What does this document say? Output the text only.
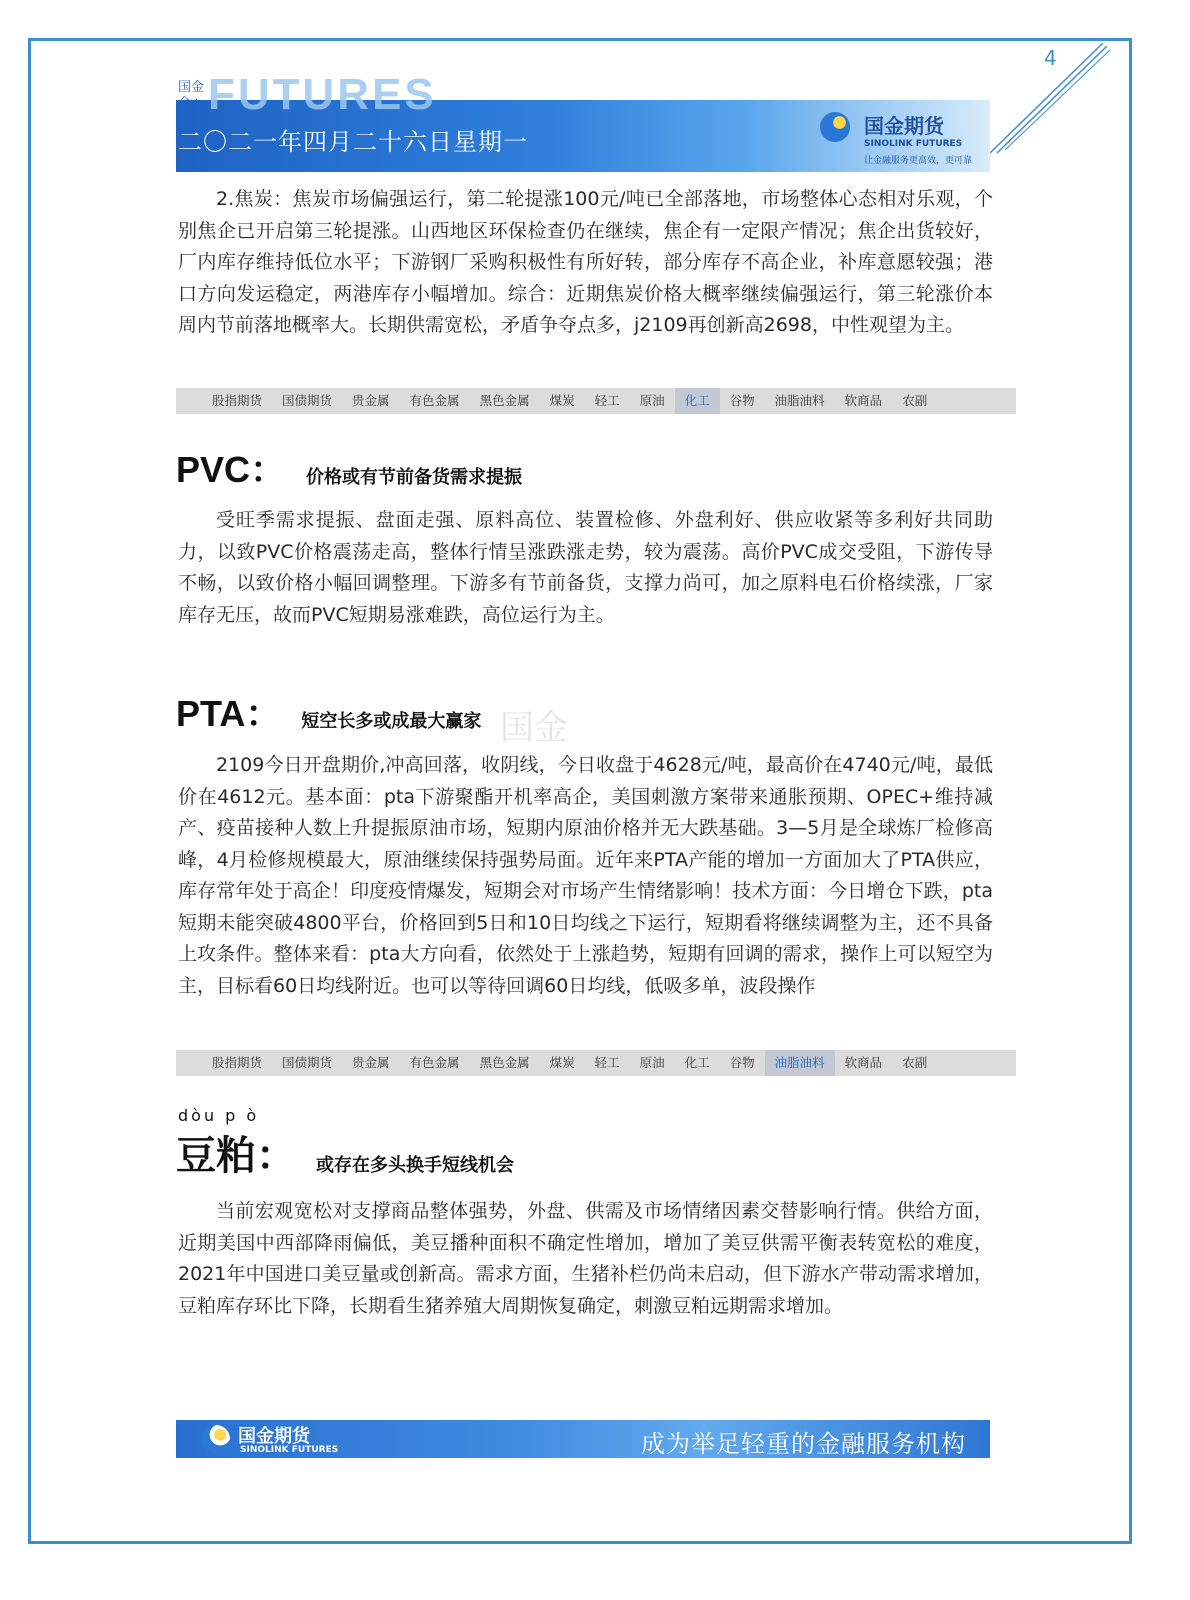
4
国金

二〇二一年四月二十六日星期一
国金期货
SINOLINK FUTURES
让金融服务更高效，更可靠
FUTURES
2.焦炭：焦炭市场偏强运行，第二轮提涨100元/吨已全部落地，市场整体心态相对乐观，个别焦企已开启第三轮提涨。山西地区环保检查仍在继续，焦企有一定限产情况；焦企出货较好，厂内库存维持低位水平；下游钢厂采购积极性有所好转，部分库存不高企业，补库意愿较强；港口方向发运稳定，两港库存小幅增加。综合：近期焦炭价格大概率继续偏强运行，第三轮涨价本周内节前落地概率大。长期供需宽松，矛盾争夺点多，j2109再创新高2698，中性观望为主。
股指期货	国债期货	贵金属	有色金属	黑色金属	煤炭	轻工	原油	化工	谷物	油脂油料	软商品	农副
PVC： 价格或有节前备货需求提振
受旺季需求提振、盘面走强、原料高位、装置检修、外盘利好、供应收紧等多利好共同助力，以致PVC价格震荡走高，整体行情呈涨跌涨走势，较为震荡。高价PVC成交受阻，下游传导不畅，以致价格小幅回调整理。下游多有节前备货，支撑力尚可，加之原料电石价格续涨，厂家库存无压，故而PVC短期易涨难跌，高位运行为主。
PTA： 短空长多或成最大赢家
2109今日开盘期价,冲高回落，收阴线，今日收盘于4628元/吨，最高价在4740元/吨，最低价在4612元。基本面：pta下游聚酯开机率高企，美国刺激方案带来通胀预期、OPEC+维持减产、疫苗接种人数上升提振原油市场，短期内原油价格并无大跌基础。3—5月是全球炼厂检修高峰，4月检修规模最大，原油继续保持强势局面。近年来PTA产能的增加一方面加大了PTA供应，库存常年处于高企！印度疫情爆发，短期会对市场产生情绪影响！技术方面：今日增仓下跌，pta短期未能突破4800平台，价格回到5日和10日均线之下运行，短期看将继续调整为主，还不具备上攻条件。整体来看：pta大方向看，依然处于上涨趋势，短期有回调的需求，操作上可以短空为主，目标看60日均线附近。也可以等待回调60日均线，低吸多单，波段操作
股指期货	国债期货	贵金属	有色金属	黑色金属	煤炭	轻工	原油	化工	谷物	油脂油料	软商品	农副
dòu p ò
豆粕： 或存在多头换手短线机会
当前宏观宽松对支撑商品整体强势，外盘、供需及市场情绪因素交替影响行情。供给方面，近期美国中西部降雨偏低，美豆播种面积不确定性增加，增加了美豆供需平衡表转宽松的难度，2021年中国进口美豆量或创新高。需求方面，生猪补栏仍尚未启动，但下游水产带动需求增加，豆粕库存环比下降，长期看生猪养殖大周期恢复确定，刺激豆粕远期需求增加。
国金
国金期货
SINOLINK FUTURES	成为举足轻重的金融服务机构
